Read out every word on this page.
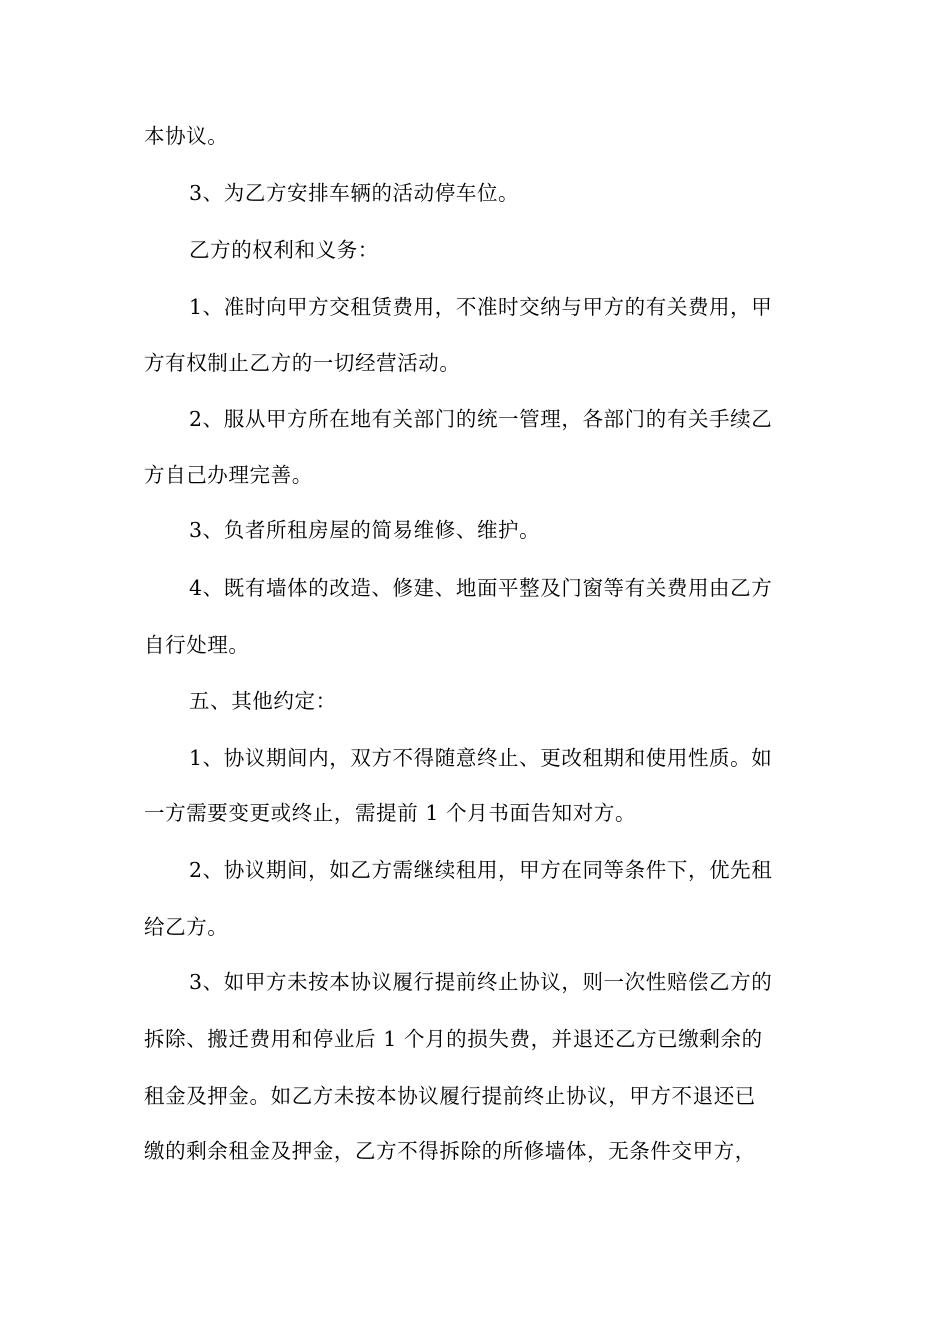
本协议。
3、为乙方安排车辆的活动停车位。
乙方的权利和义务：
1、准时向甲方交租赁费用，不准时交纳与甲方的有关费用，甲
方有权制止乙方的一切经营活动。
2、服从甲方所在地有关部门的统一管理，各部门的有关手续乙
方自己办理完善。
3、负者所租房屋的简易维修、维护。
4、既有墙体的改造、修建、地面平整及门窗等有关费用由乙方
自行处理。
五、其他约定：
1、协议期间内，双方不得随意终止、更改租期和使用性质。如
一方需要变更或终止，需提前 1 个月书面告知对方。
2、协议期间，如乙方需继续租用，甲方在同等条件下，优先租
给乙方。
3、如甲方未按本协议履行提前终止协议，则一次性赔偿乙方的
拆除、搬迁费用和停业后 1 个月的损失费，并退还乙方已缴剩余的
租金及押金。如乙方未按本协议履行提前终止协议，甲方不退还已
缴的剩余租金及押金，乙方不得拆除的所修墙体，无条件交甲方，
